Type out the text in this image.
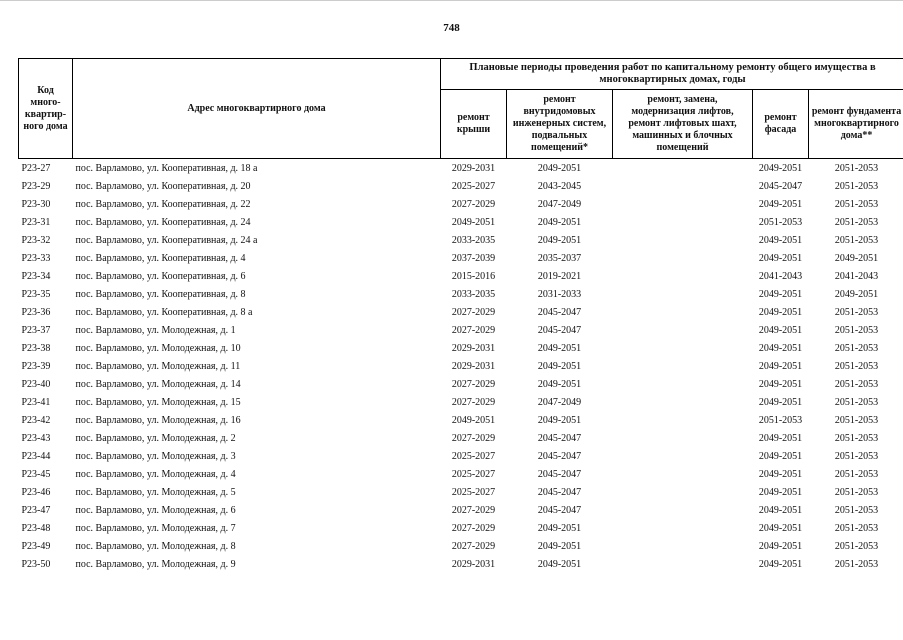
748
Код много-квартир-ного дома	Адрес многоквартирного дома	Плановые периоды проведения работ по капитальному ремонту общего имущества в многоквартирных домах, годы				
		ремонт крыши	ремонт внутридомовых инженерных систем, подвальных помещений*	ремонт, замена, модернизация лифтов, ремонт лифтовых шахт, машинных и блочных помещений	ремонт фасада	ремонт фундамента многоквартирного дома**
Р23-27	пос. Варламово, ул. Кооперативная, д. 18 а	2029-2031	2049-2051		2049-2051	2051-2053
Р23-29	пос. Варламово, ул. Кооперативная, д. 20	2025-2027	2043-2045		2045-2047	2051-2053
Р23-30	пос. Варламово, ул. Кооперативная, д. 22	2027-2029	2047-2049		2049-2051	2051-2053
Р23-31	пос. Варламово, ул. Кооперативная, д. 24	2049-2051	2049-2051		2051-2053	2051-2053
Р23-32	пос. Варламово, ул. Кооперативная, д. 24 а	2033-2035	2049-2051		2049-2051	2051-2053
Р23-33	пос. Варламово, ул. Кооперативная, д. 4	2037-2039	2035-2037		2049-2051	2049-2051
Р23-34	пос. Варламово, ул. Кооперативная, д. 6	2015-2016	2019-2021		2041-2043	2041-2043
Р23-35	пос. Варламово, ул. Кооперативная, д. 8	2033-2035	2031-2033		2049-2051	2049-2051
Р23-36	пос. Варламово, ул. Кооперативная, д. 8 а	2027-2029	2045-2047		2049-2051	2051-2053
Р23-37	пос. Варламово, ул. Молодежная, д. 1	2027-2029	2045-2047		2049-2051	2051-2053
Р23-38	пос. Варламово, ул. Молодежная, д. 10	2029-2031	2049-2051		2049-2051	2051-2053
Р23-39	пос. Варламово, ул. Молодежная, д. 11	2029-2031	2049-2051		2049-2051	2051-2053
Р23-40	пос. Варламово, ул. Молодежная, д. 14	2027-2029	2049-2051		2049-2051	2051-2053
Р23-41	пос. Варламово, ул. Молодежная, д. 15	2027-2029	2047-2049		2049-2051	2051-2053
Р23-42	пос. Варламово, ул. Молодежная, д. 16	2049-2051	2049-2051		2051-2053	2051-2053
Р23-43	пос. Варламово, ул. Молодежная, д. 2	2027-2029	2045-2047		2049-2051	2051-2053
Р23-44	пос. Варламово, ул. Молодежная, д. 3	2025-2027	2045-2047		2049-2051	2051-2053
Р23-45	пос. Варламово, ул. Молодежная, д. 4	2025-2027	2045-2047		2049-2051	2051-2053
Р23-46	пос. Варламово, ул. Молодежная, д. 5	2025-2027	2045-2047		2049-2051	2051-2053
Р23-47	пос. Варламово, ул. Молодежная, д. 6	2027-2029	2045-2047		2049-2051	2051-2053
Р23-48	пос. Варламово, ул. Молодежная, д. 7	2027-2029	2049-2051		2049-2051	2051-2053
Р23-49	пос. Варламово, ул. Молодежная, д. 8	2027-2029	2049-2051		2049-2051	2051-2053
Р23-50	пос. Варламово, ул. Молодежная, д. 9	2029-2031	2049-2051		2049-2051	2051-2053
